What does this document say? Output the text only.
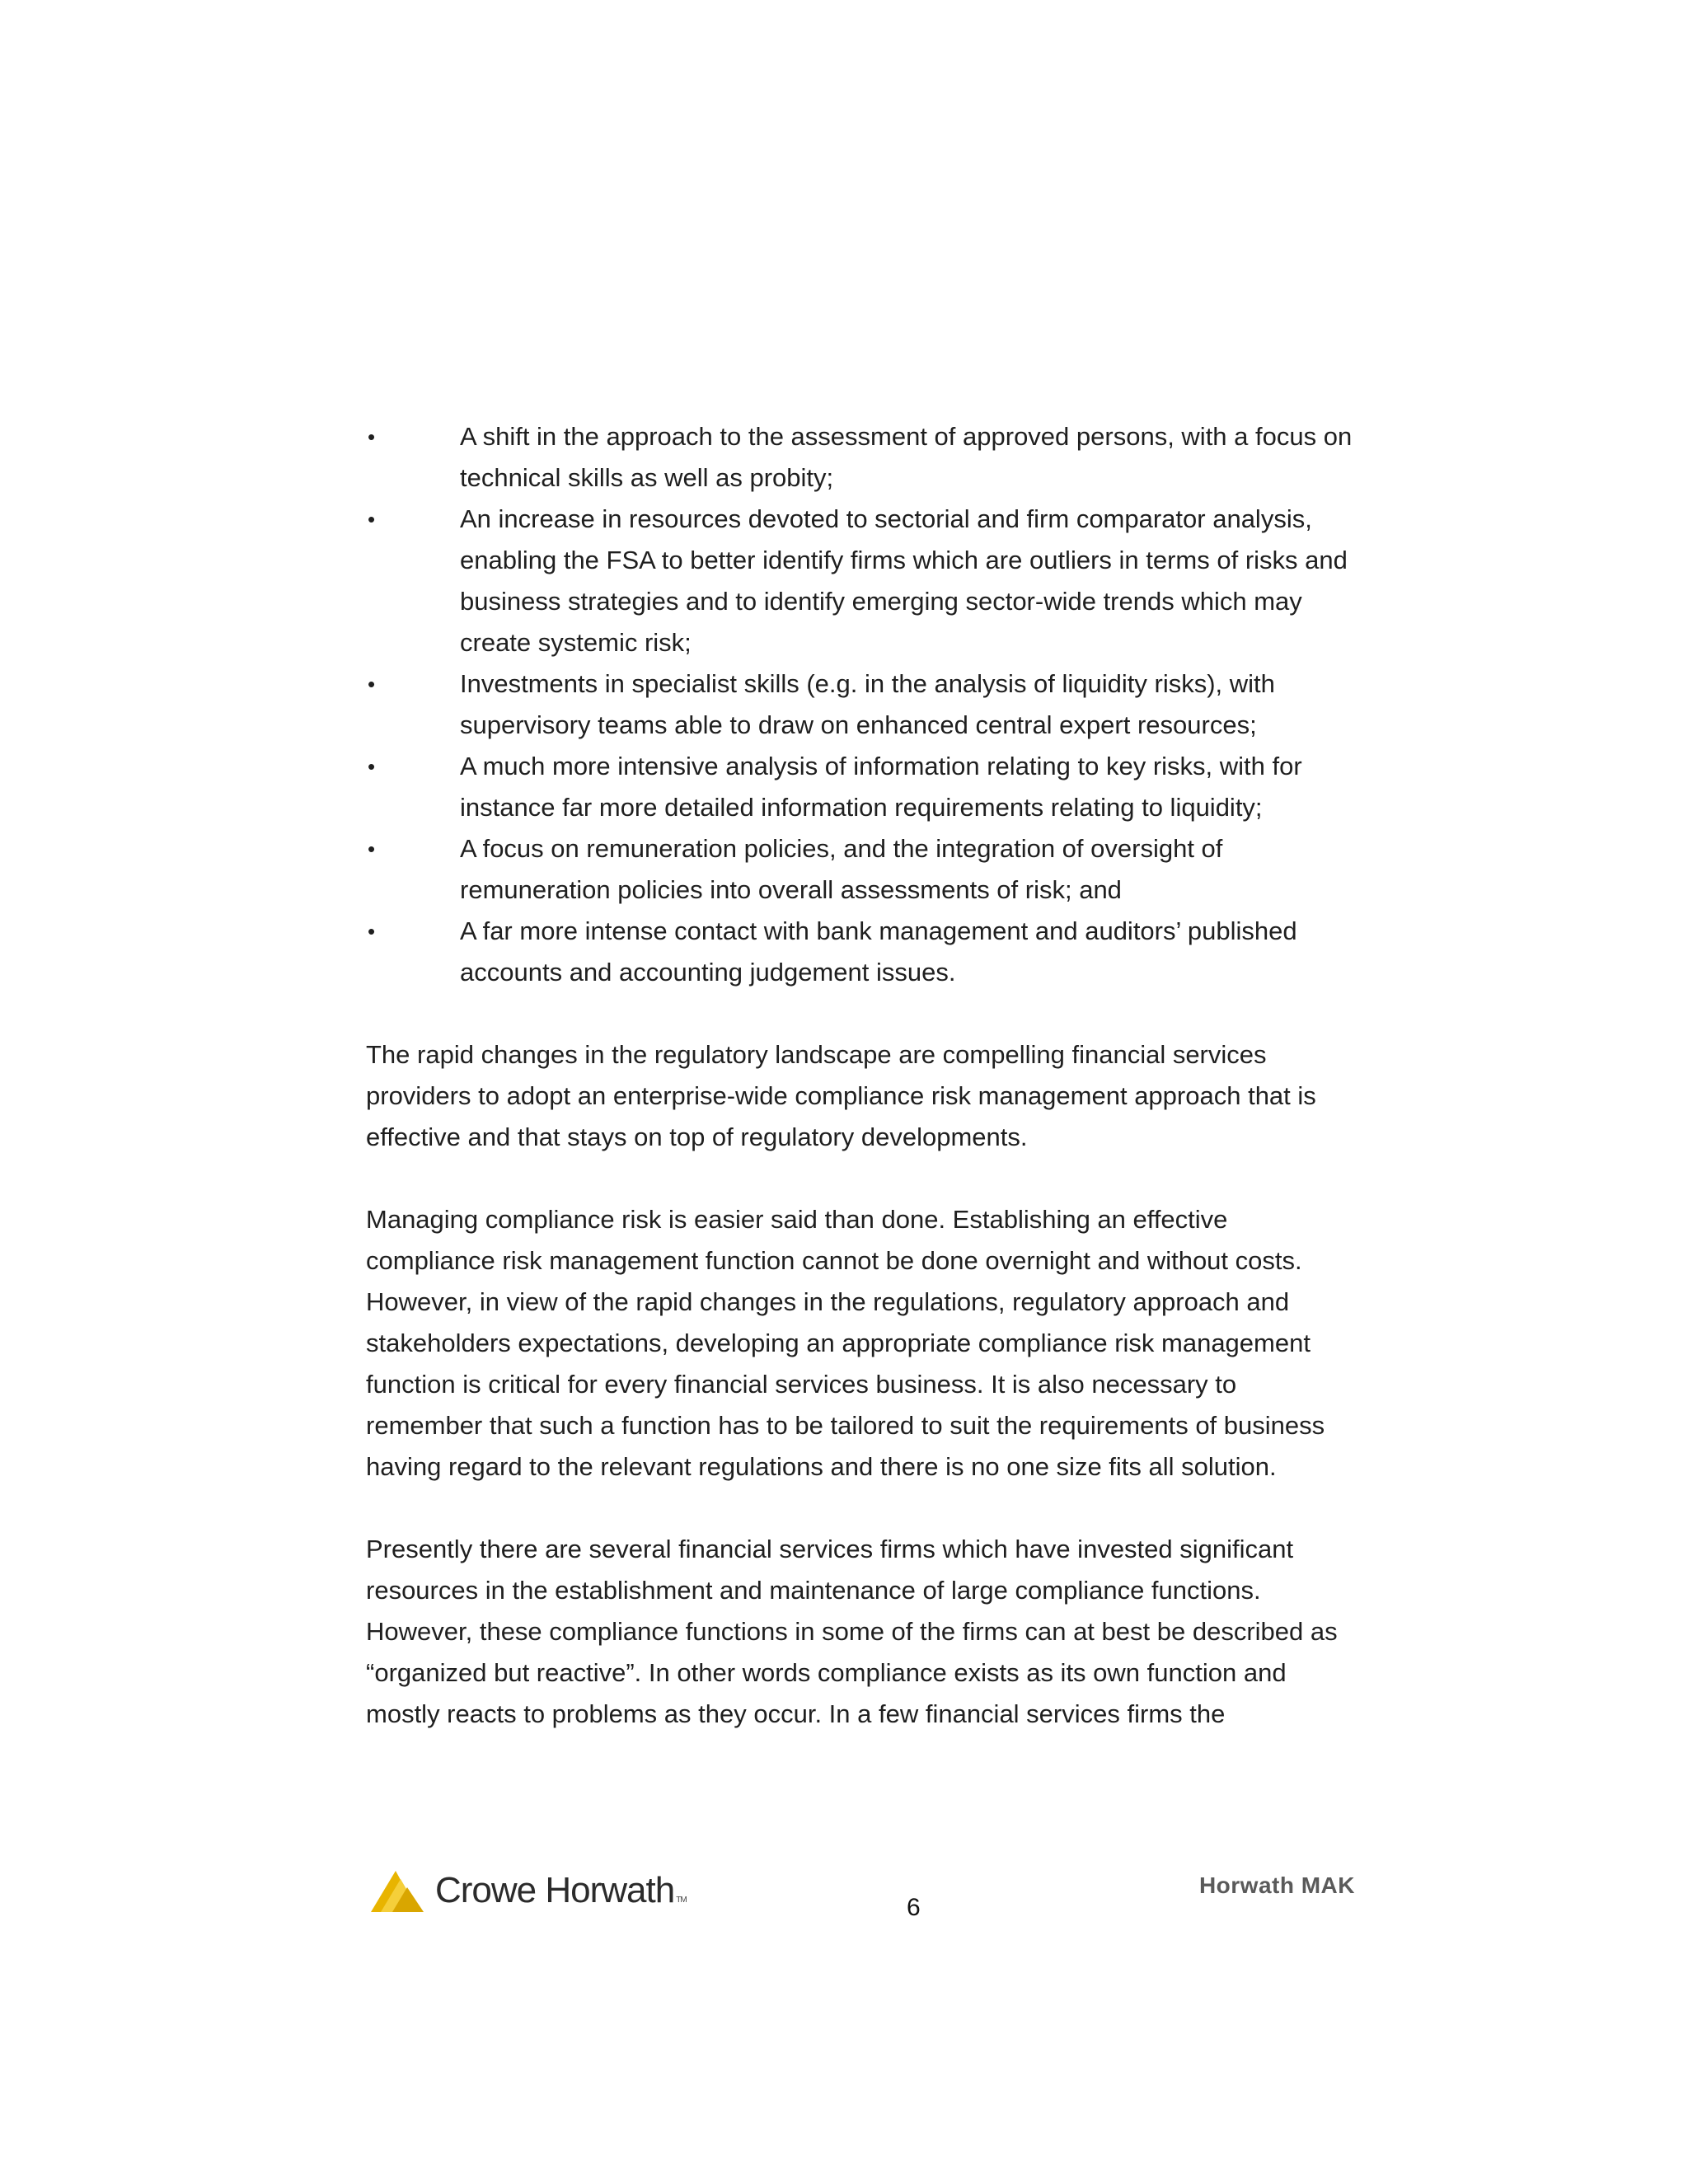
•	A shift in the approach to the assessment of approved persons, with a focus on technical skills as well as probity;
•	An increase in resources devoted to sectorial and firm comparator analysis, enabling the FSA to better identify firms which are outliers in terms of risks and business strategies and to identify emerging sector-wide trends which may create systemic risk;
•	Investments in specialist skills (e.g. in the analysis of liquidity risks), with supervisory teams able to draw on enhanced central expert resources;
•	A much more intensive analysis of information relating to key risks, with for instance far more detailed information requirements relating to liquidity;
•	A focus on remuneration policies, and the integration of oversight of remuneration policies into overall assessments of risk; and
•	A far more intense contact with bank management and auditors’ published accounts and accounting judgement issues.

The rapid changes in the regulatory landscape are compelling financial services providers to adopt an enterprise-wide compliance risk management approach that is effective and that stays on top of regulatory developments.

Managing compliance risk is easier said than done. Establishing an effective compliance risk management function cannot be done overnight and without costs. However, in view of the rapid changes in the regulations, regulatory approach and stakeholders expectations, developing an appropriate compliance risk management function is critical for every financial services business. It is also necessary to remember that such a function has to be tailored to suit the requirements of business having regard to the relevant regulations and there is no one size fits all solution.

Presently there are several financial services firms which have invested significant resources in the establishment and maintenance of large compliance functions. However, these compliance functions in some of the firms can at best be described as “organized but reactive”. In other words compliance exists as its own function and mostly reacts to problems as they occur. In a few financial services firms the

Crowe Horwath TM	6
Horwath MAK
